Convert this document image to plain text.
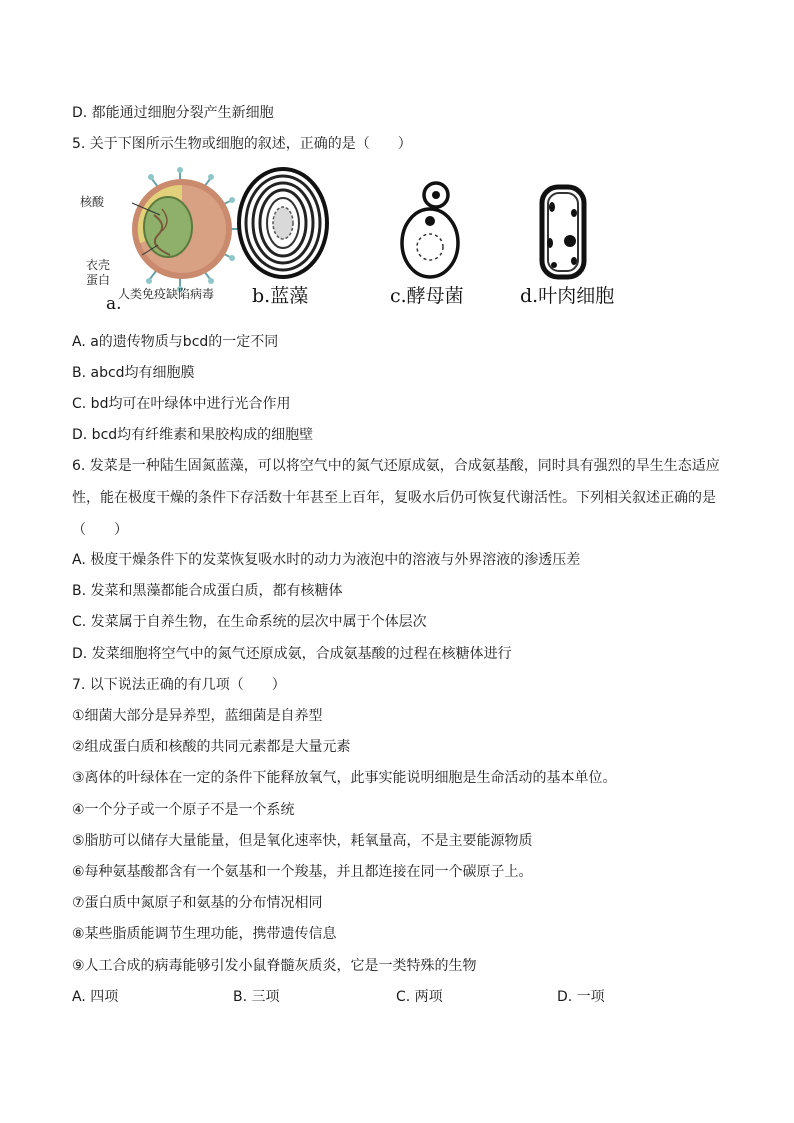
D. 都能通过细胞分裂产生新细胞
5. 关于下图所示生物或细胞的叙述，正确的是（　　）
核酸
衣壳
蛋白
人类免疫缺陷病毒
a.	b.蓝藻	c.酵母菌	d.叶肉细胞
A. a的遗传物质与bcd的一定不同
B. abcd均有细胞膜
C. bd均可在叶绿体中进行光合作用
D. bcd均有纤维素和果胶构成的细胞壁
6. 发菜是一种陆生固氮蓝藻，可以将空气中的氮气还原成氨，合成氨基酸，同时具有强烈的旱生生态适应性，能在极度干燥的条件下存活数十年甚至上百年，复吸水后仍可恢复代谢活性。下列相关叙述正确的是（　　）
A. 极度干燥条件下的发菜恢复吸水时的动力为液泡中的溶液与外界溶液的渗透压差
B. 发菜和黑藻都能合成蛋白质，都有核糖体
C. 发菜属于自养生物，在生命系统的层次中属于个体层次
D. 发菜细胞将空气中的氮气还原成氨，合成氨基酸的过程在核糖体进行
7. 以下说法正确的有几项（　　）
①细菌大部分是异养型，蓝细菌是自养型
②组成蛋白质和核酸的共同元素都是大量元素
③离体的叶绿体在一定的条件下能释放氧气，此事实能说明细胞是生命活动的基本单位。
④一个分子或一个原子不是一个系统
⑤脂肪可以储存大量能量，但是氧化速率快，耗氧量高，不是主要能源物质
⑥每种氨基酸都含有一个氨基和一个羧基，并且都连接在同一个碳原子上。
⑦蛋白质中氮原子和氨基的分布情况相同
⑧某些脂质能调节生理功能，携带遗传信息
⑨人工合成的病毒能够引发小鼠脊髓灰质炎，它是一类特殊的生物
A. 四项	B. 三项	C. 两项	D. 一项
